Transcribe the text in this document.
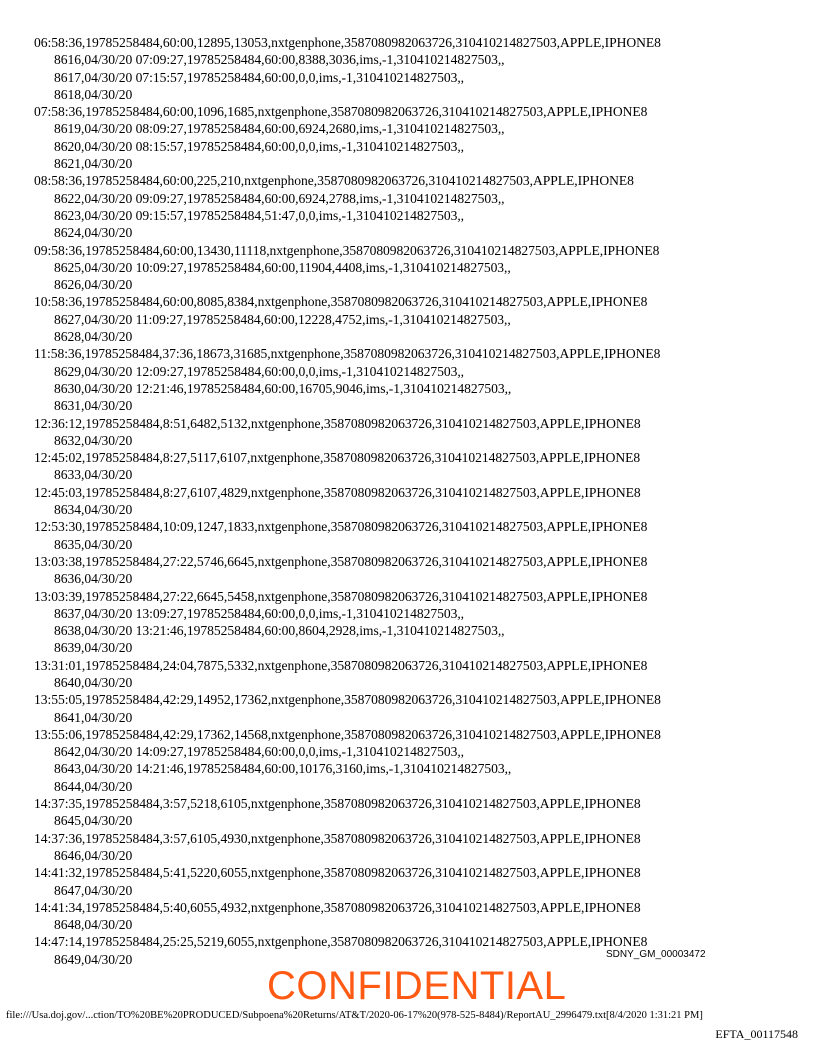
06:58:36,19785258484,60:00,12895,13053,nxtgenphone,3587080982063726,310410214827503,APPLE,IPHONE8
8616,04/30/20 07:09:27,19785258484,60:00,8388,3036,ims,-1,310410214827503,,
8617,04/30/20 07:15:57,19785258484,60:00,0,0,ims,-1,310410214827503,,
8618,04/30/20
07:58:36,19785258484,60:00,1096,1685,nxtgenphone,3587080982063726,310410214827503,APPLE,IPHONE8
8619,04/30/20 08:09:27,19785258484,60:00,6924,2680,ims,-1,310410214827503,,
8620,04/30/20 08:15:57,19785258484,60:00,0,0,ims,-1,310410214827503,,
8621,04/30/20
08:58:36,19785258484,60:00,225,210,nxtgenphone,3587080982063726,310410214827503,APPLE,IPHONE8
8622,04/30/20 09:09:27,19785258484,60:00,6924,2788,ims,-1,310410214827503,,
8623,04/30/20 09:15:57,19785258484,51:47,0,0,ims,-1,310410214827503,,
8624,04/30/20
09:58:36,19785258484,60:00,13430,11118,nxtgenphone,3587080982063726,310410214827503,APPLE,IPHONE8
8625,04/30/20 10:09:27,19785258484,60:00,11904,4408,ims,-1,310410214827503,,
8626,04/30/20
10:58:36,19785258484,60:00,8085,8384,nxtgenphone,3587080982063726,310410214827503,APPLE,IPHONE8
8627,04/30/20 11:09:27,19785258484,60:00,12228,4752,ims,-1,310410214827503,,
8628,04/30/20
11:58:36,19785258484,37:36,18673,31685,nxtgenphone,3587080982063726,310410214827503,APPLE,IPHONE8
8629,04/30/20 12:09:27,19785258484,60:00,0,0,ims,-1,310410214827503,,
8630,04/30/20 12:21:46,19785258484,60:00,16705,9046,ims,-1,310410214827503,,
8631,04/30/20
12:36:12,19785258484,8:51,6482,5132,nxtgenphone,3587080982063726,310410214827503,APPLE,IPHONE8
8632,04/30/20
12:45:02,19785258484,8:27,5117,6107,nxtgenphone,3587080982063726,310410214827503,APPLE,IPHONE8
8633,04/30/20
12:45:03,19785258484,8:27,6107,4829,nxtgenphone,3587080982063726,310410214827503,APPLE,IPHONE8
8634,04/30/20
12:53:30,19785258484,10:09,1247,1833,nxtgenphone,3587080982063726,310410214827503,APPLE,IPHONE8
8635,04/30/20
13:03:38,19785258484,27:22,5746,6645,nxtgenphone,3587080982063726,310410214827503,APPLE,IPHONE8
8636,04/30/20
13:03:39,19785258484,27:22,6645,5458,nxtgenphone,3587080982063726,310410214827503,APPLE,IPHONE8
8637,04/30/20 13:09:27,19785258484,60:00,0,0,ims,-1,310410214827503,,
8638,04/30/20 13:21:46,19785258484,60:00,8604,2928,ims,-1,310410214827503,,
8639,04/30/20
13:31:01,19785258484,24:04,7875,5332,nxtgenphone,3587080982063726,310410214827503,APPLE,IPHONE8
8640,04/30/20
13:55:05,19785258484,42:29,14952,17362,nxtgenphone,3587080982063726,310410214827503,APPLE,IPHONE8
8641,04/30/20
13:55:06,19785258484,42:29,17362,14568,nxtgenphone,3587080982063726,310410214827503,APPLE,IPHONE8
8642,04/30/20 14:09:27,19785258484,60:00,0,0,ims,-1,310410214827503,,
8643,04/30/20 14:21:46,19785258484,60:00,10176,3160,ims,-1,310410214827503,,
8644,04/30/20
14:37:35,19785258484,3:57,5218,6105,nxtgenphone,3587080982063726,310410214827503,APPLE,IPHONE8
8645,04/30/20
14:37:36,19785258484,3:57,6105,4930,nxtgenphone,3587080982063726,310410214827503,APPLE,IPHONE8
8646,04/30/20
14:41:32,19785258484,5:41,5220,6055,nxtgenphone,3587080982063726,310410214827503,APPLE,IPHONE8
8647,04/30/20
14:41:34,19785258484,5:40,6055,4932,nxtgenphone,3587080982063726,310410214827503,APPLE,IPHONE8
8648,04/30/20
14:47:14,19785258484,25:25,5219,6055,nxtgenphone,3587080982063726,310410214827503,APPLE,IPHONE8
8649,04/30/20	SDNY_GM_00003472
CONFIDENTIAL
file:///Usa.doj.gov/...ction/TO%20BE%20PRODUCED/Subpoena%20Returns/AT&T/2020-06-17%20(978-525-8484)/ReportAU_2996479.txt[8/4/2020 1:31:21 PM]
EFTA_00117548
